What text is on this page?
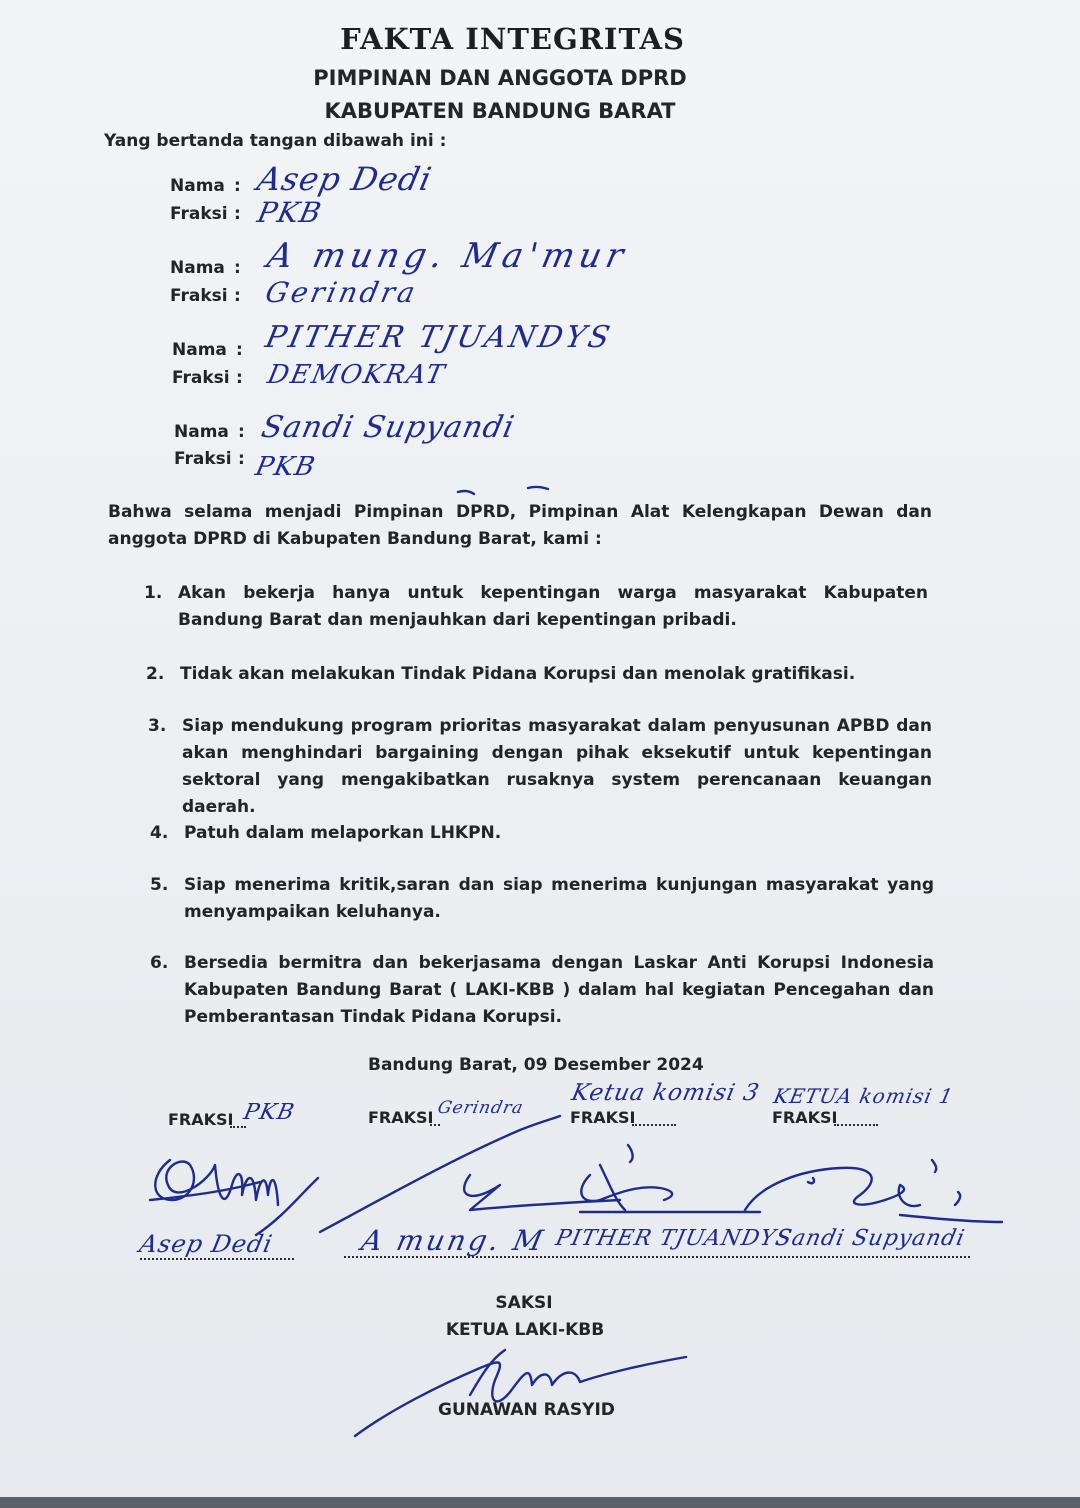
FAKTA INTEGRITAS
PIMPINAN DAN ANGGOTA DPRD
KABUPATEN BANDUNG BARAT
Yang bertanda tangan dibawah ini :
Nama : Asep Dedi
Fraksi : PKB
Nama : A mung. Ma'mur
Fraksi : Gerindra
Nama : PITHER TJUANDYS
Fraksi : DEMOKRAT
Nama : Sandi Supyandi
Fraksi : PKB
Bahwa selama menjadi Pimpinan DPRD, Pimpinan Alat Kelengkapan Dewan dan anggota DPRD di Kabupaten Bandung Barat, kami :
1. Akan bekerja hanya untuk kepentingan warga masyarakat Kabupaten Bandung Barat dan menjauhkan dari kepentingan pribadi.
2. Tidak akan melakukan Tindak Pidana Korupsi dan menolak gratifikasi.
3. Siap mendukung program prioritas masyarakat dalam penyusunan APBD dan akan menghindari bargaining dengan pihak eksekutif untuk kepentingan sektoral yang mengakibatkan rusaknya system perencanaan keuangan daerah.
4. Patuh dalam melaporkan LHKPN.
5. Siap menerima kritik,saran dan siap menerima kunjungan masyarakat yang menyampaikan keluhanya.
6. Bersedia bermitra dan bekerjasama dengan Laskar Anti Korupsi Indonesia Kabupaten Bandung Barat ( LAKI-KBB ) dalam hal kegiatan Pencegahan dan Pemberantasan Tindak Pidana Korupsi.
Bandung Barat, 09 Desember 2024
FRAKSI PKB	FRAKSI Gerindra
Ketua komisi 3
FRAKSI
KETUA komisi 1
FRAKSI
Asep Dedi	A mung. M PITHER TJUANDYS
Sandi Supyandi
SAKSI
KETUA LAKI-KBB
GUNAWAN RASYID
